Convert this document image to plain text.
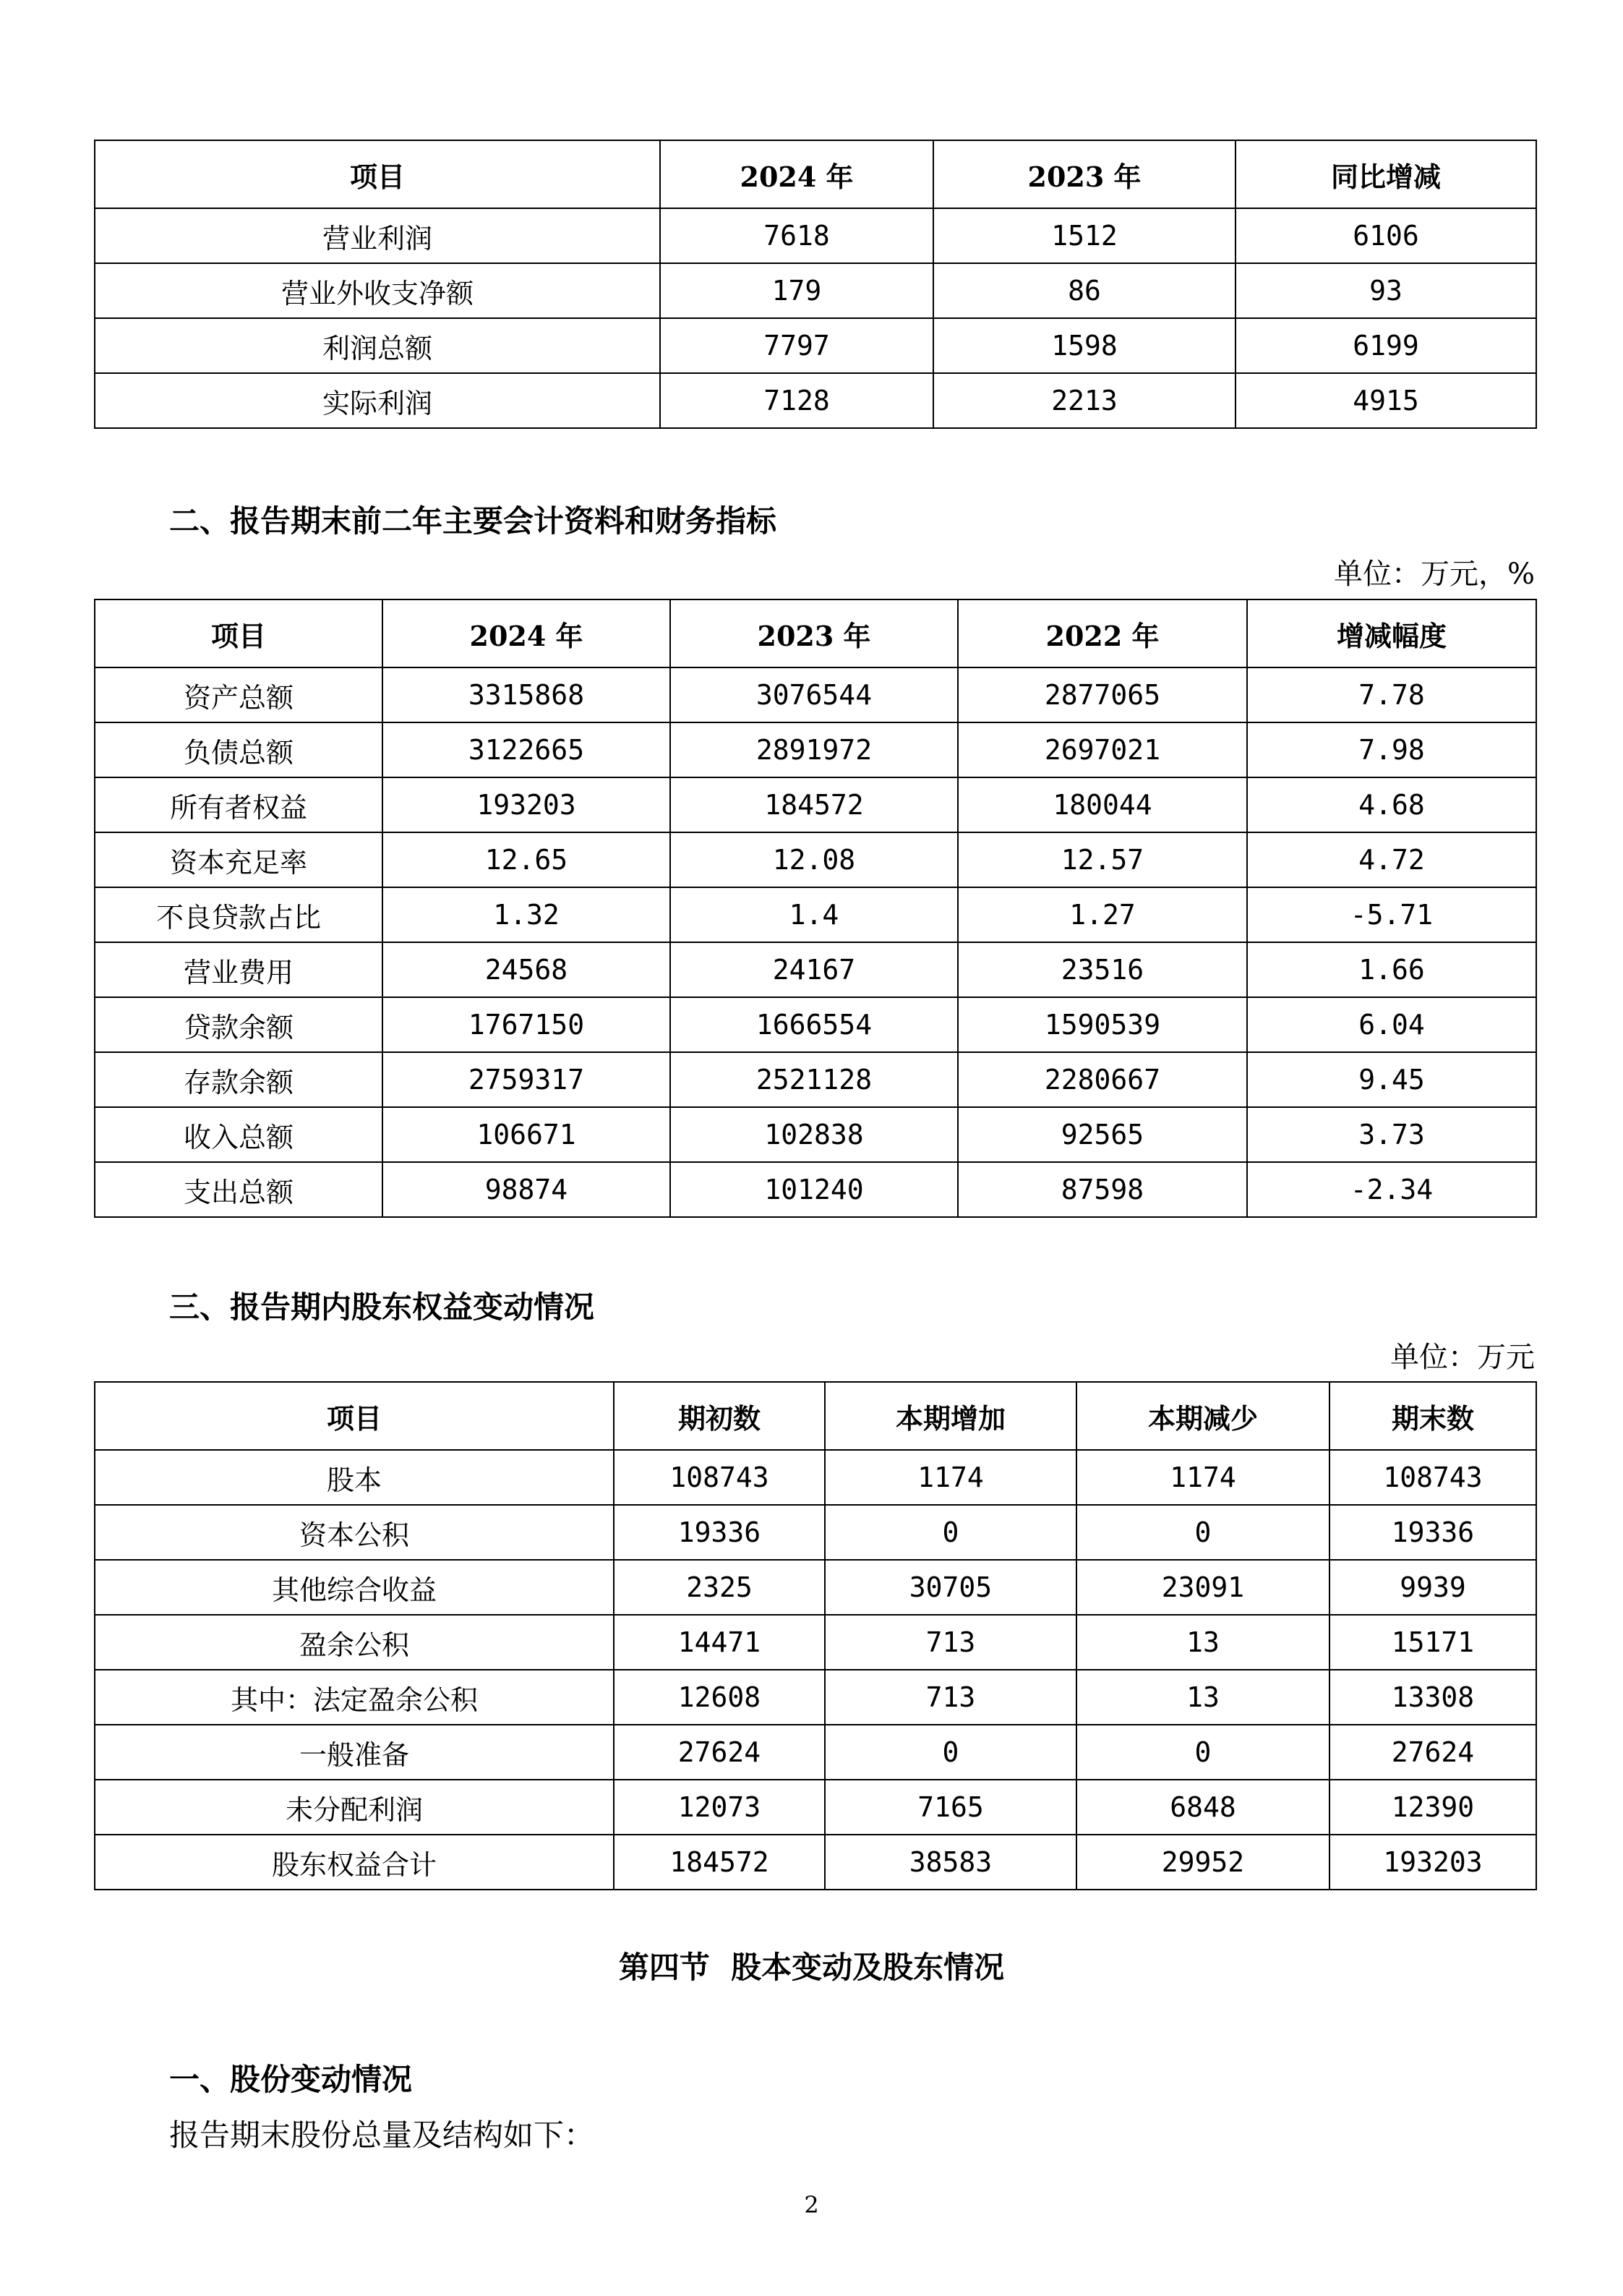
项目	2024 年	2023 年	同比增减
营业利润	7618	1512	6106
营业外收支净额	179	86	93
利润总额	7797	1598	6199
实际利润	7128	2213	4915
二、报告期末前二年主要会计资料和财务指标

单位：万元，%

项目	2024 年	2023 年	2022 年	增减幅度
资产总额	3315868	3076544	2877065	7.78
负债总额	3122665	2891972	2697021	7.98
所有者权益	193203	184572	180044	4.68
资本充足率	12.65	12.08	12.57	4.72
不良贷款占比	1.32	1.4	1.27	-5.71
营业费用	24568	24167	23516	1.66
贷款余额	1767150	1666554	1590539	6.04
存款余额	2759317	2521128	2280667	9.45
收入总额	106671	102838	92565	3.73
支出总额	98874	101240	87598	-2.34
三、报告期内股东权益变动情况

单位：万元

项目	期初数	本期增加	本期减少	期末数
股本	108743	1174	1174	108743
资本公积	19336	0	0	19336
其他综合收益	2325	30705	23091	9939
盈余公积	14471	713	13	15171
其中：法定盈余公积	12608	713	13	13308
一般准备	27624	0	0	27624
未分配利润	12073	7165	6848	12390
股东权益合计	184572	38583	29952	193203
第四节  股本变动及股东情况
一、股份变动情况

报告期末股份总量及结构如下：

2
